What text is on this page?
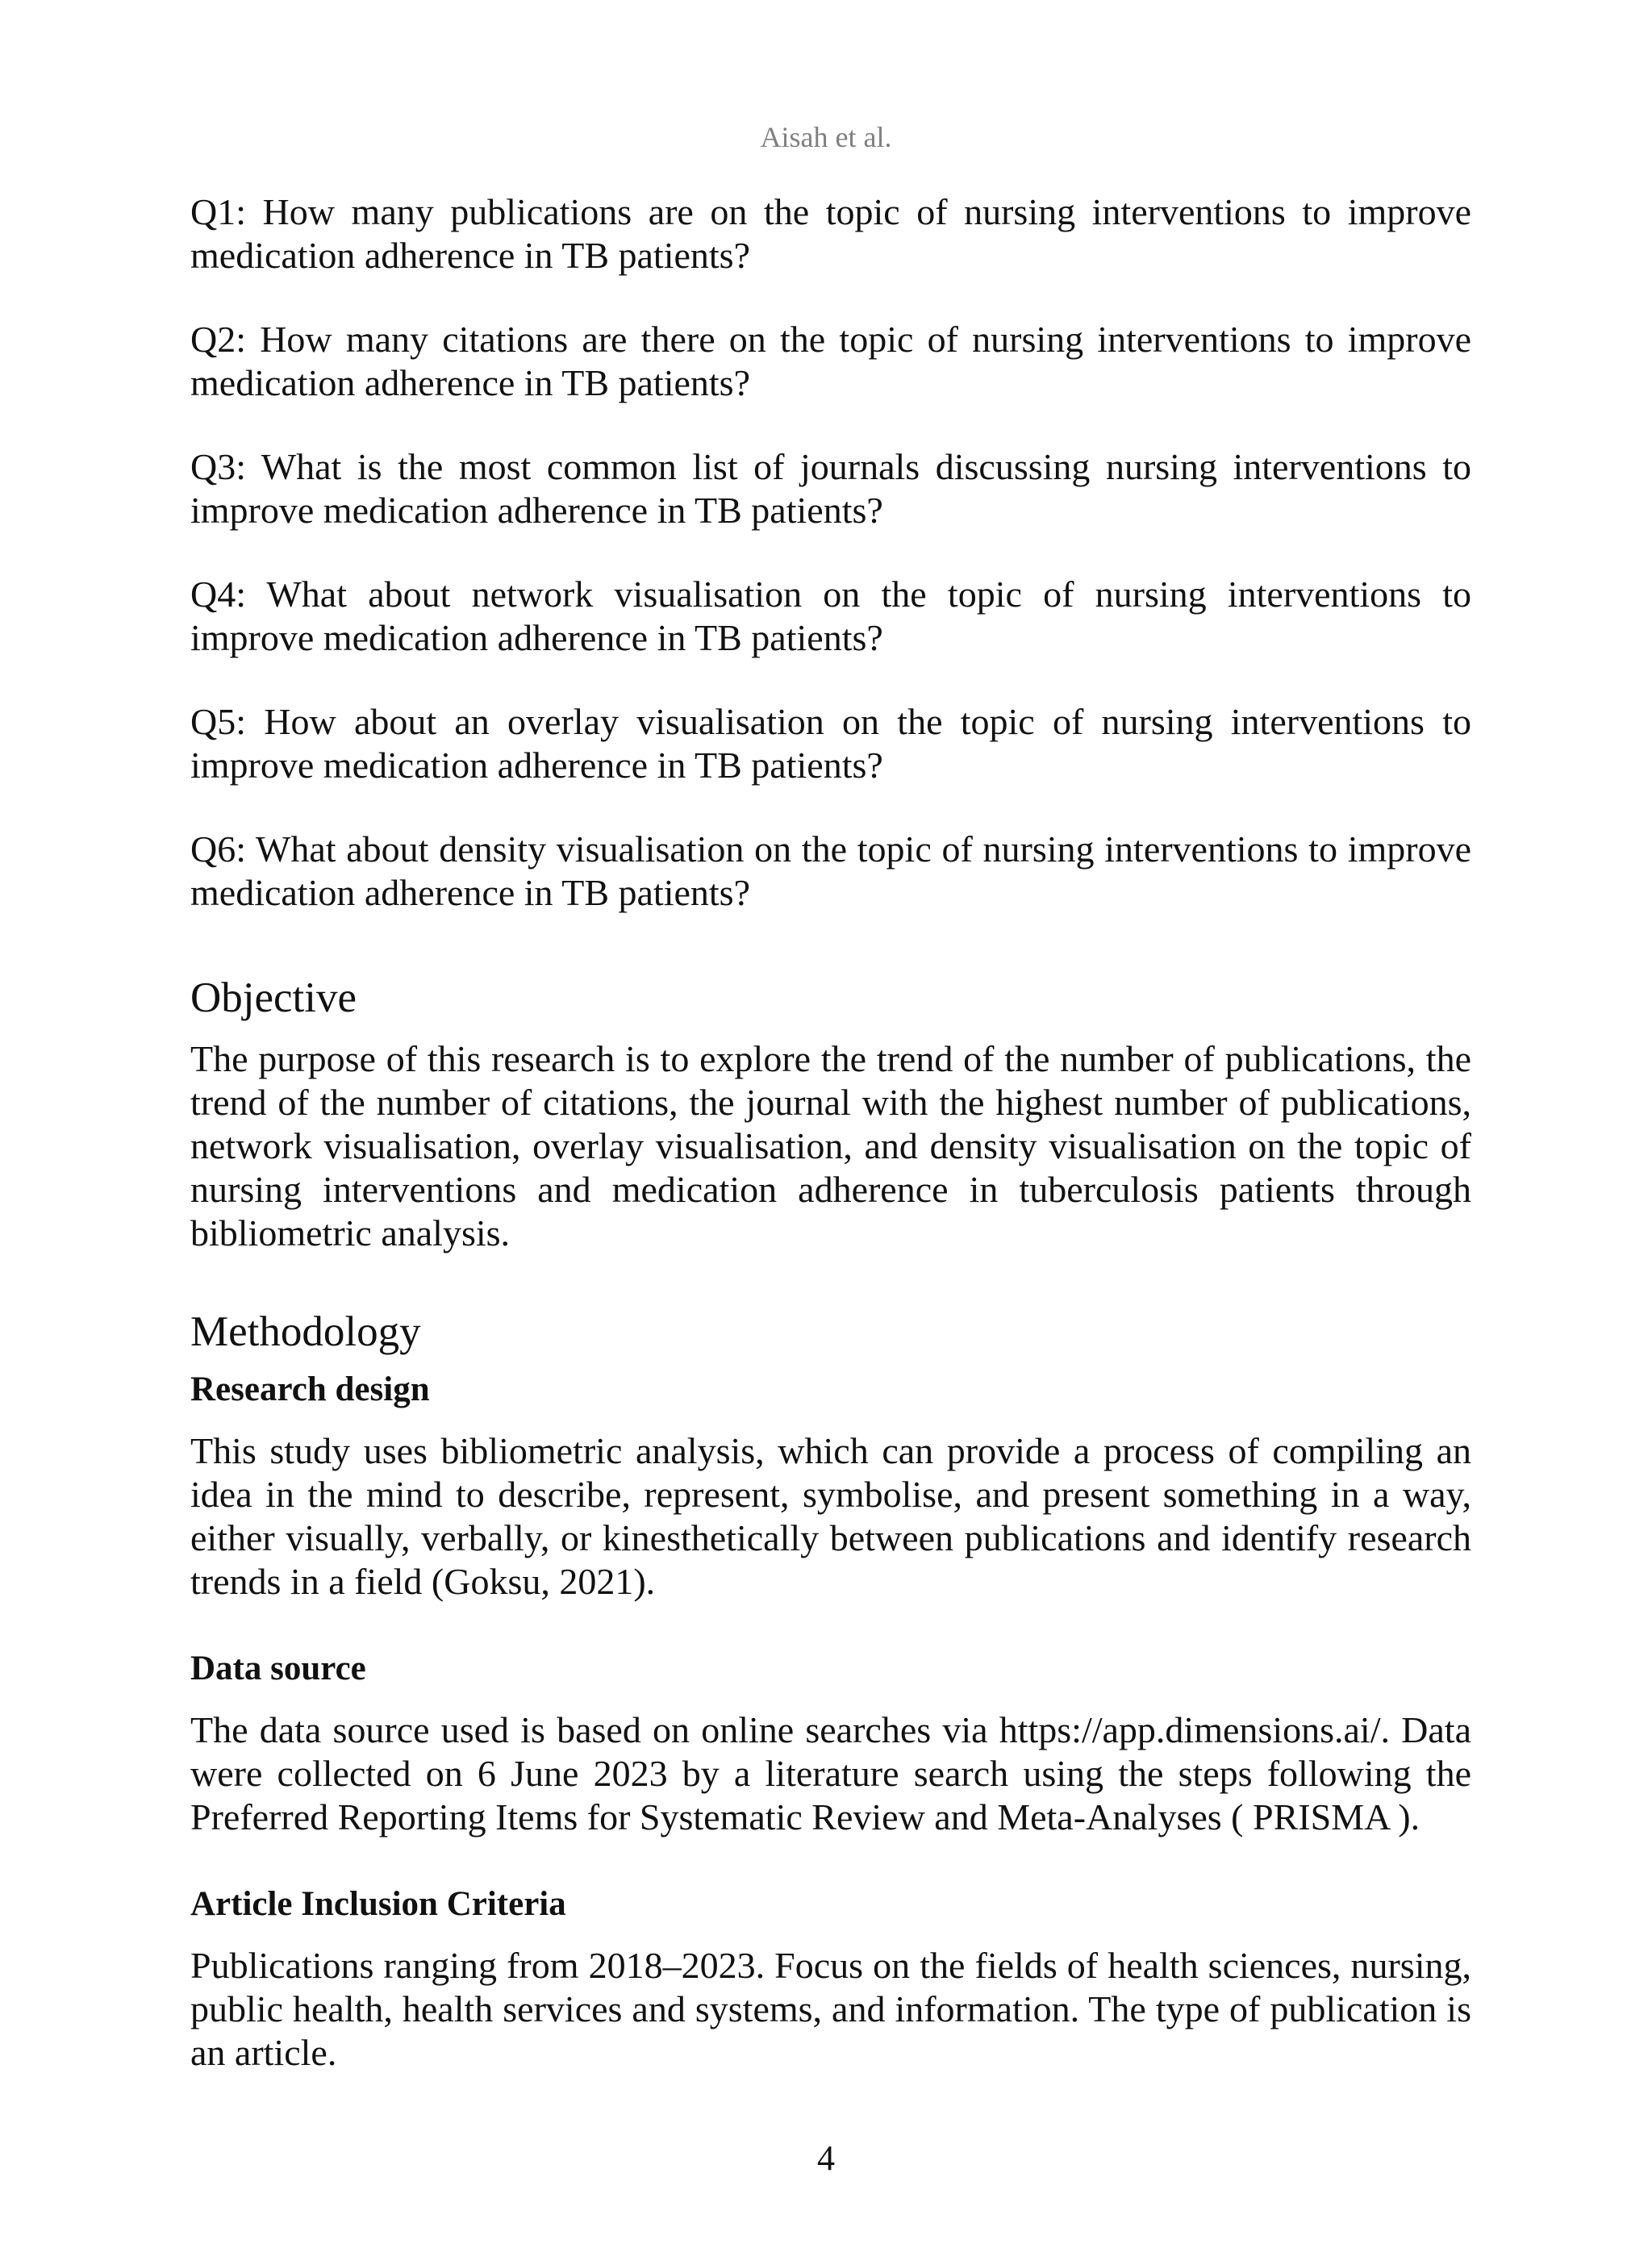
Aisah et al.

Q1: How many publications are on the topic of nursing interventions to improve medication adherence in TB patients?

Q2: How many citations are there on the topic of nursing interventions to improve medication adherence in TB patients?

Q3: What is the most common list of journals discussing nursing interventions to improve medication adherence in TB patients?

Q4: What about network visualisation on the topic of nursing interventions to improve medication adherence in TB patients?

Q5: How about an overlay visualisation on the topic of nursing interventions to improve medication adherence in TB patients?

Q6: What about density visualisation on the topic of nursing interventions to improve medication adherence in TB patients?

Objective

The purpose of this research is to explore the trend of the number of publications, the trend of the number of citations, the journal with the highest number of publications, network visualisation, overlay visualisation, and density visualisation on the topic of nursing interventions and medication adherence in tuberculosis patients through bibliometric analysis.

Methodology
Research design

This study uses bibliometric analysis, which can provide a process of compiling an idea in the mind to describe, represent, symbolise, and present something in a way, either visually, verbally, or kinesthetically between publications and identify research trends in a field (Goksu, 2021).

Data source

The data source used is based on online searches via https://app.dimensions.ai/. Data were collected on 6 June 2023 by a literature search using the steps following the Preferred Reporting Items for Systematic Review and Meta-Analyses ( PRISMA ).

Article Inclusion Criteria

Publications ranging from 2018–2023. Focus on the fields of health sciences, nursing, public health, health services and systems, and information. The type of publication is an article.

4
